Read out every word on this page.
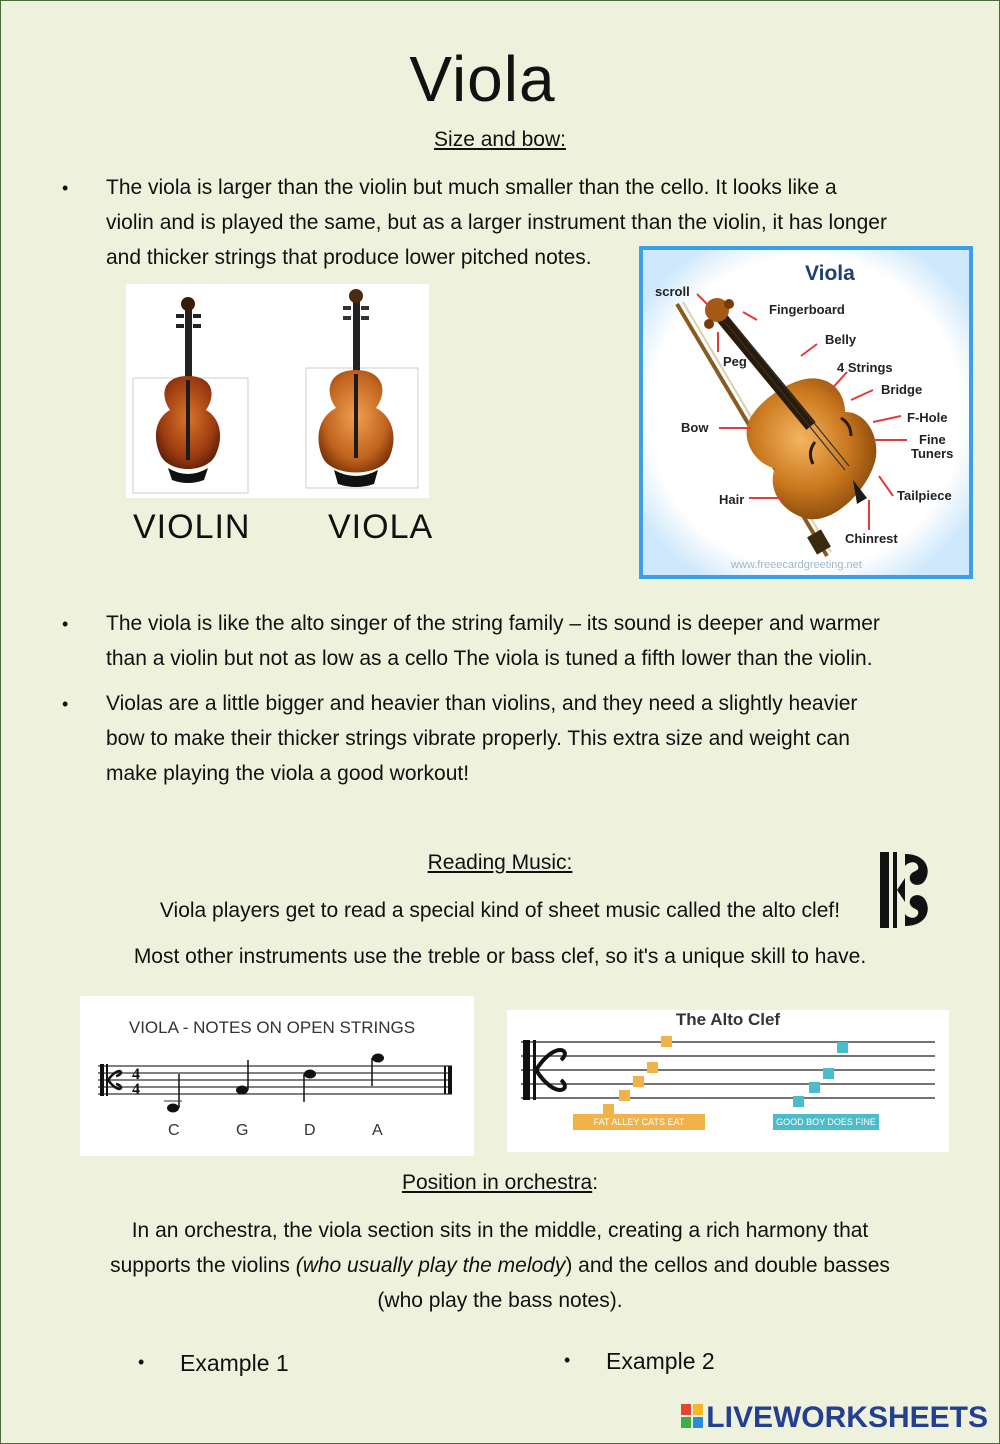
Viola
Size and bow:
• The viola is larger than the violin but much smaller than the cello. It looks like a
violin and is played the same, but as a larger instrument than the violin, it has longer
and thicker strings that produce lower pitched notes.
VIOLIN VIOLA
Viola
scroll
Fingerboard
Belly
Peg	4 Strings
Bridge
F-Hole
Bow
Fine
Tuners
Hair	Tailpiece
Chinrest
www.freeecardgreeting.net
• The viola is like the alto singer of the string family – its sound is deeper and warmer
than a violin but not as low as a cello The viola is tuned a fifth lower than the violin.
• Violas are a little bigger and heavier than violins, and they need a slightly heavier
bow to make their thicker strings vibrate properly. This extra size and weight can
make playing the viola a good workout!
Reading Music:
Viola players get to read a special kind of sheet music called the alto clef!
Most other instruments use the treble or bass clef, so it's a unique skill to have.
VIOLA - NOTES ON OPEN STRINGS
4
4
C	G	D	A
The Alto Clef
FAT ALLEY CATS EAT GARBAGE
GOOD BOY DOES FINE
Position in orchestra:
In an orchestra, the viola section sits in the middle, creating a rich harmony that
supports the violins (who usually play the melody) and the cellos and double basses
(who play the bass notes).
• Example 1	• Example 2
LIVEWORKSHEETS
